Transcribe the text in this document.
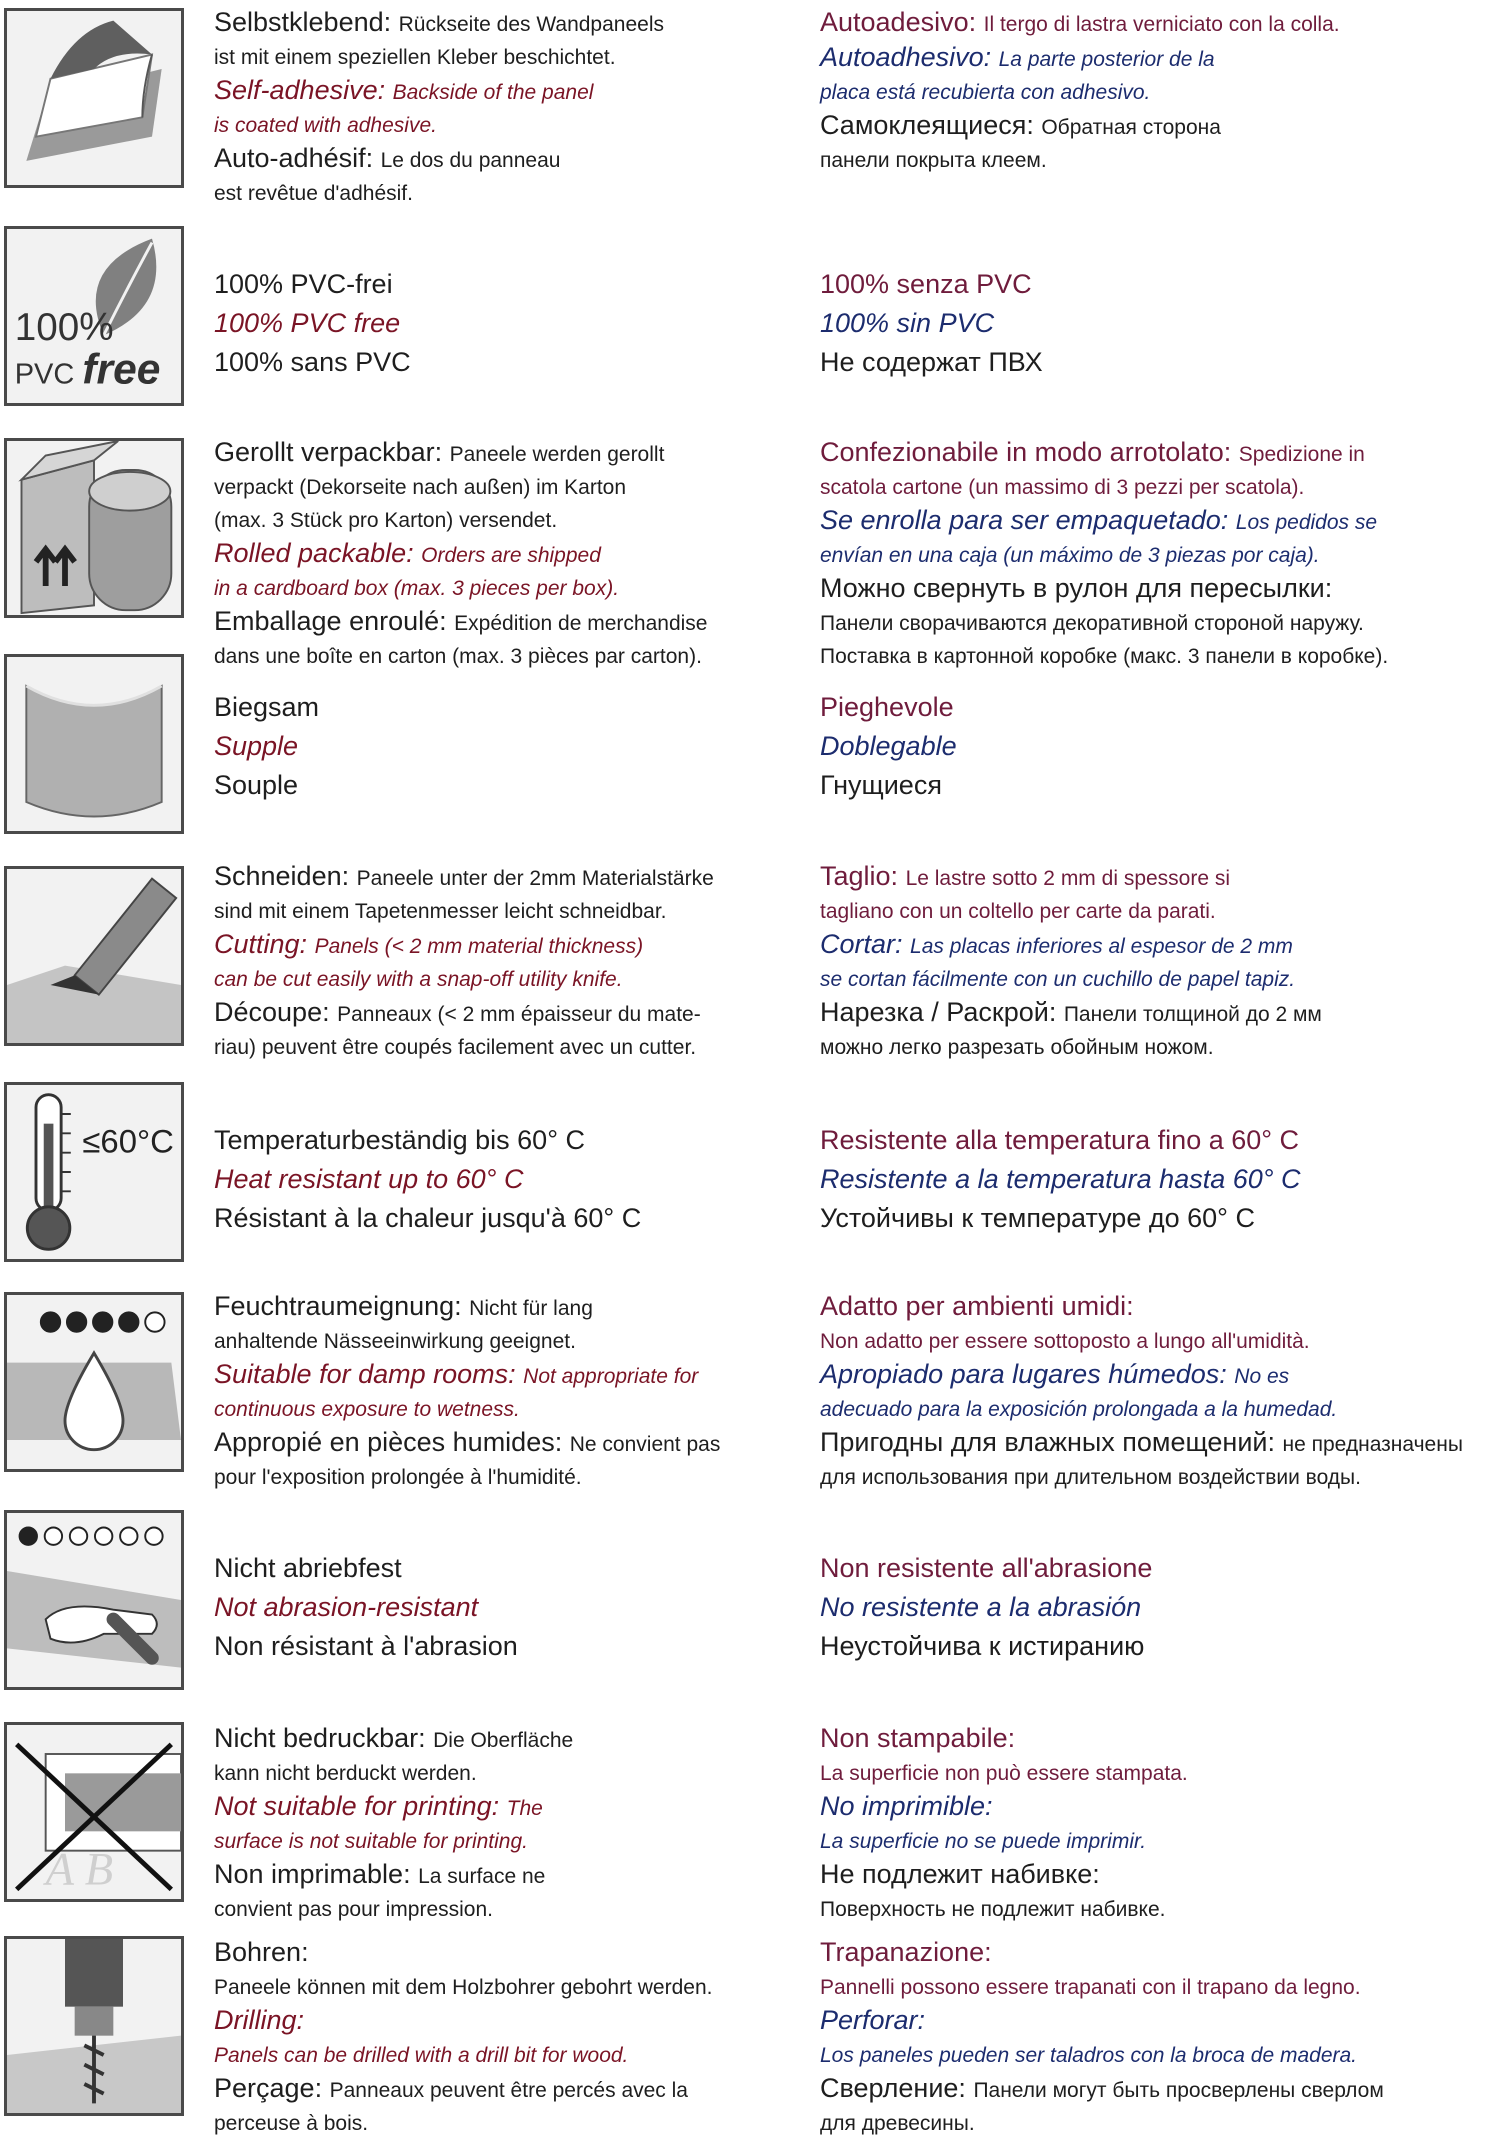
Selbstklebend: Rückseite des Wandpaneels

ist mit einem speziellen Kleber beschichtet.

Self-adhesive: Backside of the panel

is coated with adhesive.

Auto-adhésif: Le dos du panneau

est revêtue d'adhésif.

Autoadesivo: Il tergo di lastra verniciato con la colla.

Autoadhesivo: La parte posterior de la

placa está recubierta con adhesivo.

Самоклеящиеся: Обратная сторона

панели покрыта клеем.

100%
PVC free

100% PVC-frei

100% PVC free

100% sans PVC

100% senza PVC

100% sin PVC

Не содержат ПВХ

Gerollt verpackbar: Paneele werden gerollt

verpackt (Dekorseite nach außen) im Karton

(max. 3 Stück pro Karton) versendet.

Rolled packable: Orders are shipped

in a cardboard box (max. 3 pieces per box).

Emballage enroulé: Expédition de merchandise

dans une boîte en carton (max. 3 pièces par carton).

Confezionabile in modo arrotolato: Spedizione in

scatola cartone (un massimo di 3 pezzi per scatola).

Se enrolla para ser empaquetado: Los pedidos se

envían en una caja (un máximo de 3 piezas por caja).

Можно свернуть в рулон для пересылки:

Панели сворачиваются декоративной стороной наружу.

Поставка в картонной коробке (макс. 3 панели в коробке).

Biegsam

Supple

Souple

Pieghevole

Doblegable

Гнущиеся

Schneiden: Paneele unter der 2mm Materialstärke

sind mit einem Tapetenmesser leicht schneidbar.

Cutting: Panels (< 2 mm material thickness)

can be cut easily with a snap-off utility knife.

Découpe: Panneaux (< 2 mm épaisseur du mate-

riau) peuvent être coupés facilement avec un cutter.

Taglio: Le lastre sotto 2 mm di spessore si

tagliano con un coltello per carte da parati.

Cortar: Las placas inferiores al espesor de 2 mm

se cortan fácilmente con un cuchillo de papel tapiz.

Нарезка / Раскрой: Панели толщиной до 2 мм

можно легко разрезать обойным ножом.

≤60°C Temperaturbeständig bis 60° C

Heat resistant up to 60° C

Résistant à la chaleur jusqu'à 60° C

Resistente alla temperatura fino a 60° C

Resistente a la temperatura hasta 60° C

Устойчивы к температуре до 60° C

Feuchtraumeignung: Nicht für lang

anhaltende Nässeeinwirkung geeignet.

Suitable for damp rooms: Not appropriate for

continuous exposure to wetness.

Appropié en pièces humides: Ne convient pas

pour l'exposition prolongée à l'humidité.

Adatto per ambienti umidi:

Non adatto per essere sottoposto a lungo all'umidità.

Apropiado para lugares húmedos: No es

adecuado para la exposición prolongada a la humedad.

Пригодны для влажных помещений: не предназначены

для использования при длительном воздействии воды.

Nicht abriebfest

Not abrasion-resistant

Non résistant à l'abrasion

Non resistente all'abrasione

No resistente a la abrasión

Неустойчива к истиранию

A B

Nicht bedruckbar: Die Oberfläche

kann nicht berduckt werden.

Not suitable for printing: The

surface is not suitable for printing.

Non imprimable: La surface ne

convient pas pour impression.

Non stampabile:

La superficie non può essere stampata.

No imprimible:

La superficie no se puede imprimir.

Не подлежит набивке:

Поверхность не подлежит набивке.

Bohren:

Paneele können mit dem Holzbohrer gebohrt werden.

Drilling:

Panels can be drilled with a drill bit for wood.

Perçage: Panneaux peuvent être percés avec la

perceuse à bois.

Trapanazione:

Pannelli possono essere trapanati con il trapano da legno.

Perforar:

Los paneles pueden ser taladros con la broca de madera.

Сверление: Панели могут быть просверлены сверлом

для древесины.
